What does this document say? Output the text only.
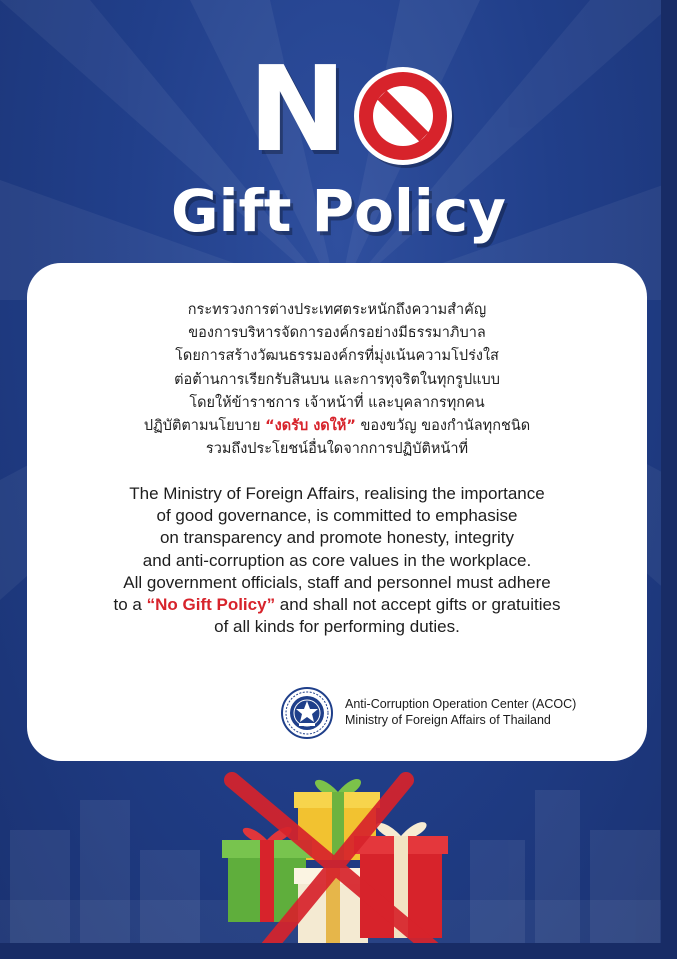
N
Gift Policy

กระทรวงการต่างประเทศตระหนักถึงความสำคัญ

ของการบริหารจัดการองค์กรอย่างมีธรรมาภิบาล

โดยการสร้างวัฒนธรรมองค์กรที่มุ่งเน้นความโปร่งใส

ต่อต้านการเรียกรับสินบน และการทุจริตในทุกรูปแบบ

โดยให้ข้าราชการ เจ้าหน้าที่ และบุคลากรทุกคน

ปฏิบัติตามนโยบาย “งดรับ งดให้” ของขวัญ ของกำนัลทุกชนิด

รวมถึงประโยชน์อื่นใดจากการปฏิบัติหน้าที่

The Ministry of Foreign Affairs, realising the importance

of good governance, is committed to emphasise

on transparency and promote honesty, integrity

and anti-corruption as core values in the workplace.

All government officials, staff and personnel must adhere

to a “No Gift Policy” and shall not accept gifts or gratuities

of all kinds for performing duties.

Anti-Corruption Operation Center (ACOC)
Ministry of Foreign Affairs of Thailand
